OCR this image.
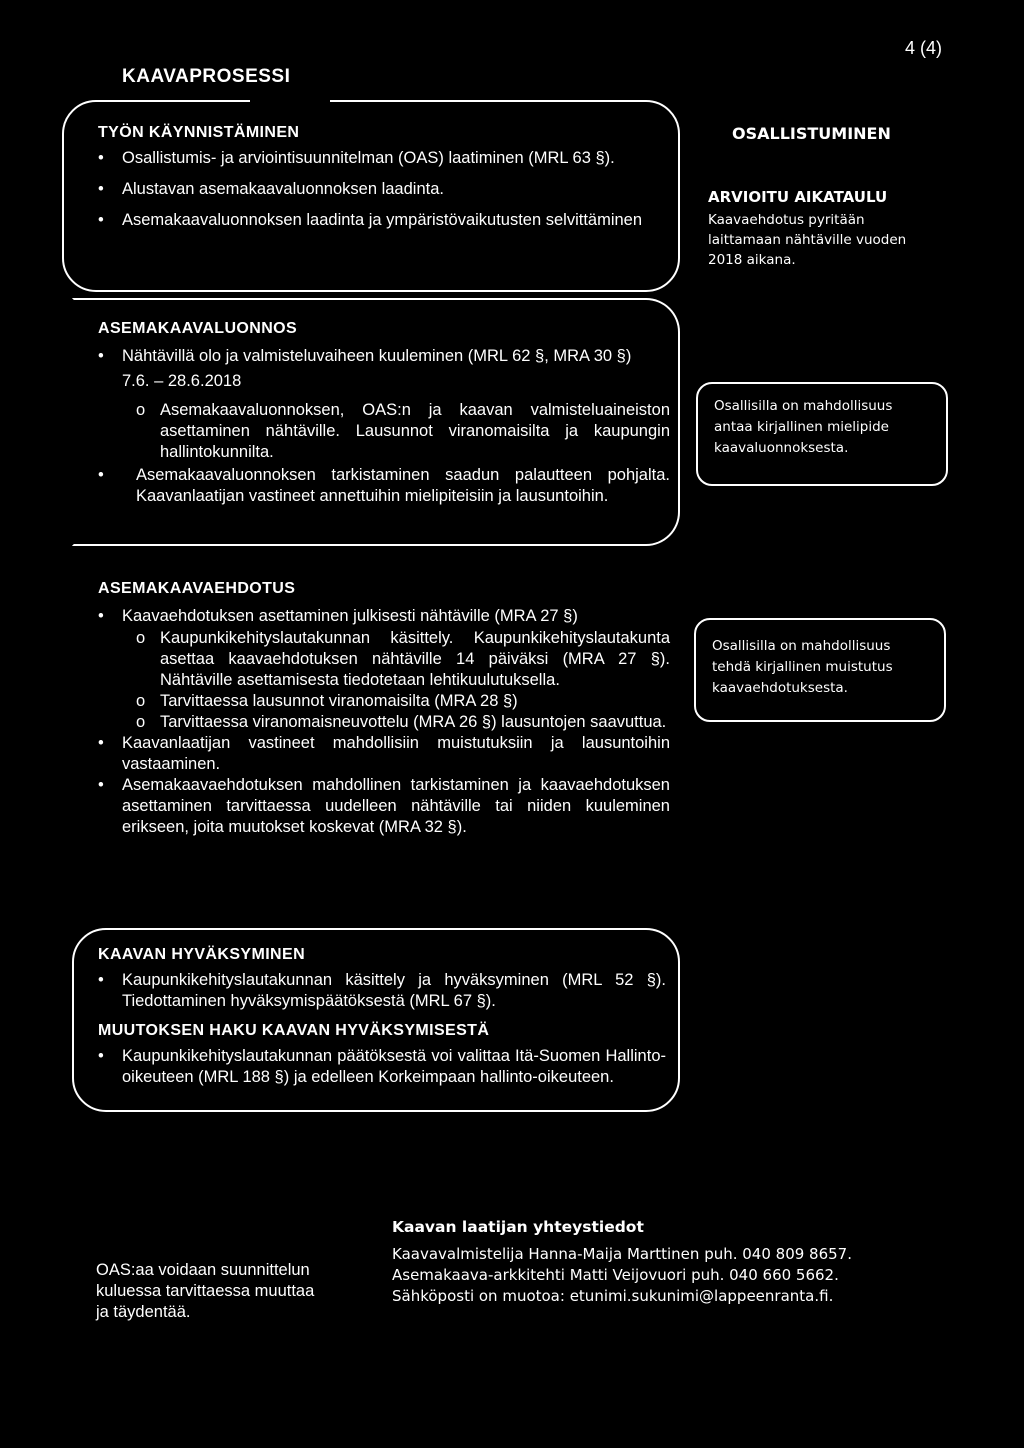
4 (4)
KAAVAPROSESSI
TYÖN KÄYNNISTÄMINEN
• Osallistumis- ja arviointisuunnitelman (OAS) laatiminen (MRL 63 §).
• Alustavan asemakaavaluonnoksen laadinta.
• Asemakaavaluonnoksen laadinta ja ympäristövaikutusten selvittäminen
OSALLISTUMINEN
ARVIOITU AIKATAULU
Kaavaehdotus pyritään laittamaan nähtäville vuoden 2018 aikana.
ASEMAKAAVALUONNOS
• Nähtävillä olo ja valmisteluvaiheen kuuleminen (MRL 62 §, MRA 30 §) 7.6. – 28.6.2018
o Asemakaavaluonnoksen, OAS:n ja kaavan valmisteluaineiston asettaminen nähtäville. Lausunnot viranomaisilta ja kaupungin hallintokunnilta.
• Asemakaavaluonnoksen tarkistaminen saadun palautteen pohjalta. Kaavanlaatijan vastineet annettuihin mielipiteisiin ja lausuntoihin.
Osallisilla on mahdollisuus antaa kirjallinen mielipide kaavaluonnoksesta.
ASEMAKAAVAEHDOTUS
• Kaavaehdotuksen asettaminen julkisesti nähtäville (MRA 27 §)
o Kaupunkikehityslautakunnan käsittely. Kaupunkikehityslautakunta asettaa kaavaehdotuksen nähtäville 14 päiväksi (MRA 27 §). Nähtäville asettamisesta tiedotetaan lehtikuulutuksella.
o Tarvittaessa lausunnot viranomaisilta (MRA 28 §)
o Tarvittaessa viranomaisneuvottelu (MRA 26 §) lausuntojen saavuttua.
• Kaavanlaatijan vastineet mahdollisiin muistutuksiin ja lausuntoihin vastaaminen.
• Asemakaavaehdotuksen mahdollinen tarkistaminen ja kaavaehdotuksen asettaminen tarvittaessa uudelleen nähtäville tai niiden kuuleminen erikseen, joita muutokset koskevat (MRA 32 §).
Osallisilla on mahdollisuus tehdä kirjallinen muistutus kaavaehdotuksesta.
KAAVAN HYVÄKSYMINEN
• Kaupunkikehityslautakunnan käsittely ja hyväksyminen (MRL 52 §). Tiedottaminen hyväksymispäätöksestä (MRL 67 §).
MUUTOKSEN HAKU KAAVAN HYVÄKSYMISESTÄ
• Kaupunkikehityslautakunnan päätöksestä voi valittaa Itä-Suomen Hallinto-oikeuteen (MRL 188 §) ja edelleen Korkeimpaan hallinto-oikeuteen.
OAS:aa voidaan suunnittelun kuluessa tarvittaessa muuttaa ja täydentää.
Kaavan laatijan yhteystiedot
Kaavavalmistelija Hanna-Maija Marttinen puh. 040 809 8657.
Asemakaava-arkkitehti Matti Veijovuori puh. 040 660 5662.
Sähköposti on muotoa: etunimi.sukunimi@lappeenranta.fi.
